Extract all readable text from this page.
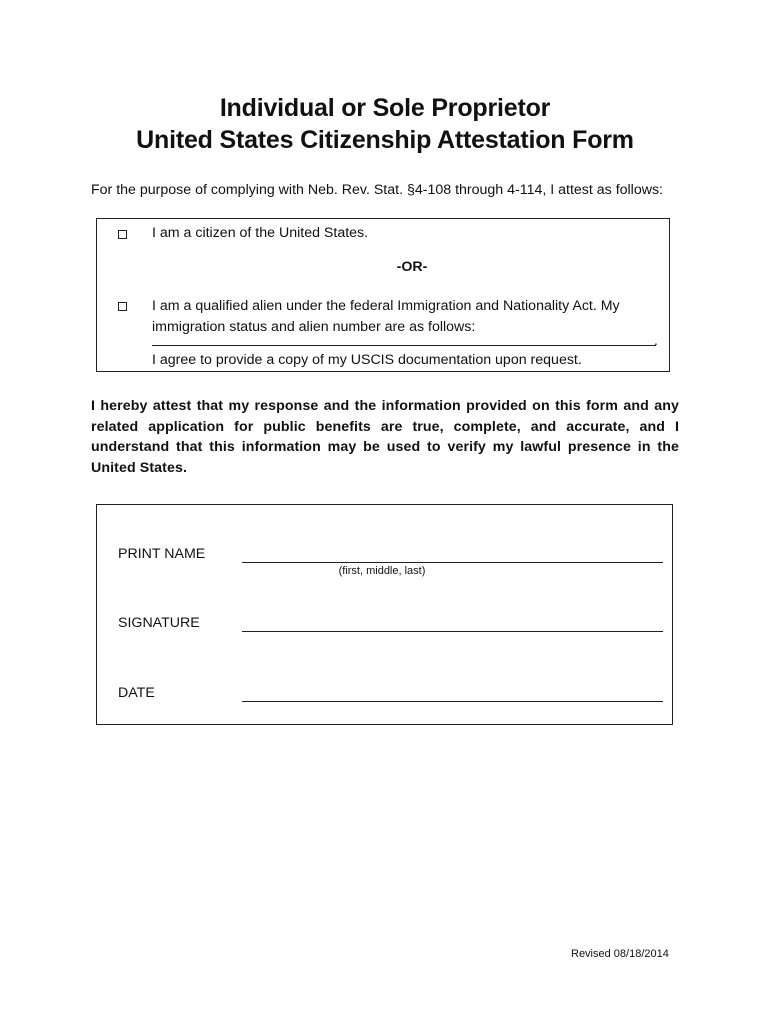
Individual or Sole Proprietor
United States Citizenship Attestation Form
For the purpose of complying with Neb. Rev. Stat. §4-108 through 4-114, I attest as follows:
I am a citizen of the United States.
-OR-
I am a qualified alien under the federal Immigration and Nationality Act. My
immigration status and alien number are as follows:
.
I agree to provide a copy of my USCIS documentation upon request.
I hereby attest that my response and the information provided on this form and any related application for public benefits are true, complete, and accurate, and I understand that this information may be used to verify my lawful presence in the United States.
PRINT NAME
(first, middle, last)
SIGNATURE
DATE
Revised 08/18/2014
